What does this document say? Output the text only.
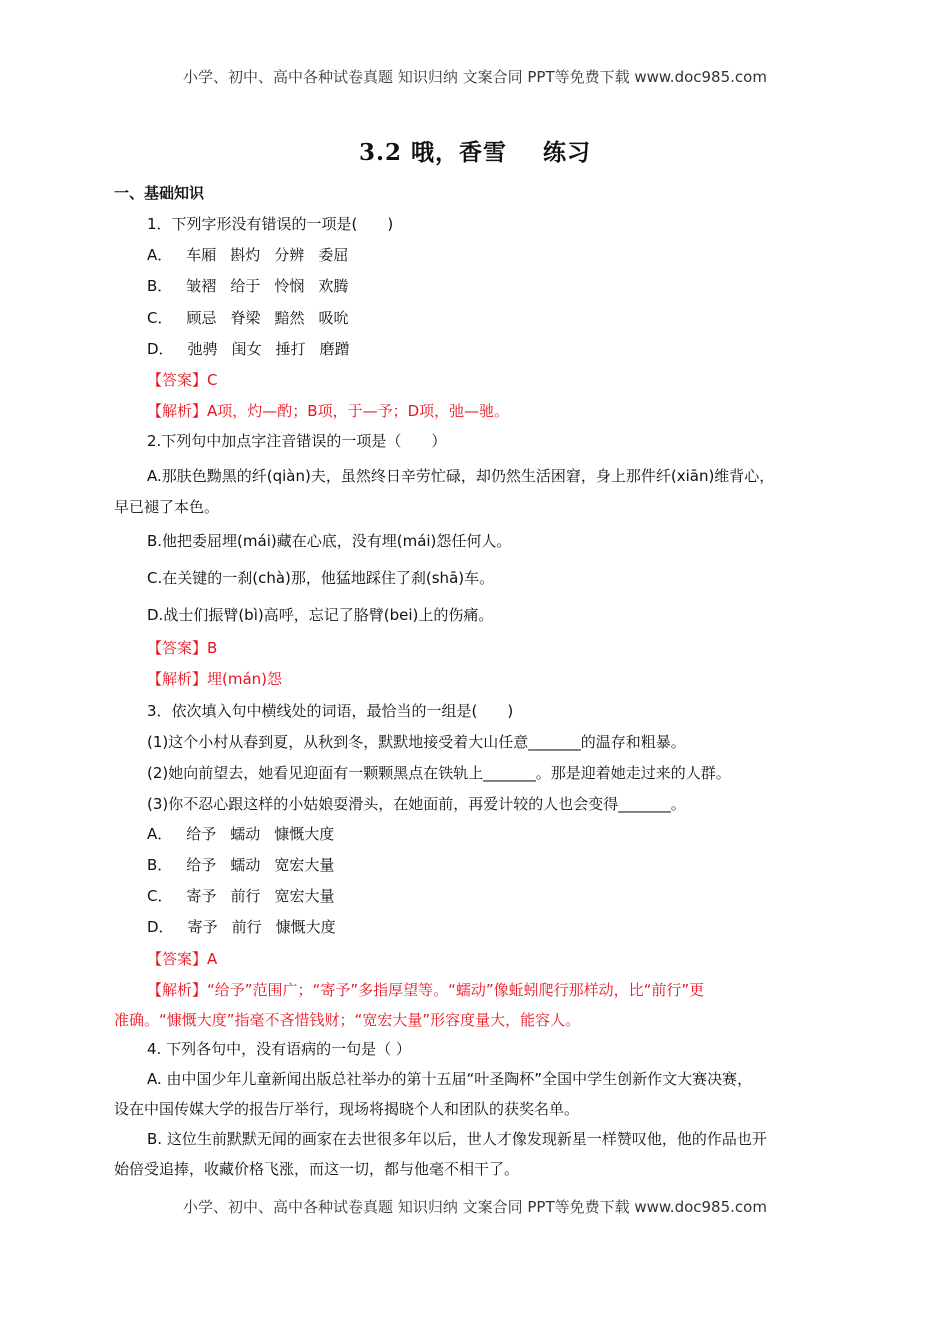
小学、初中、高中各种试卷真题 知识归纳 文案合同 PPT等免费下载 www.doc985.com
3.2 哦，香雪 练习
一、基础知识
1．下列字形没有错误的一项是(　　)
A． 车厢 斟灼 分辨 委屈
B． 皱褶 给于 怜悯 欢腾
C． 顾忌 脊梁 黯然 吸吮
D． 弛骋 闺女 捶打 磨蹭
【答案】C
【解析】A项，灼—酌；B项，于—予；D项，弛—驰。
2.下列句中加点字注音错误的一项是（　　）
A.那肤色黝黑的纤(qiàn)夫，虽然终日辛劳忙碌，却仍然生活困窘，身上那件纤(xiān)维背心，
早已褪了本色。
B.他把委屈埋(mái)藏在心底，没有埋(mái)怨任何人。
C.在关键的一刹(chà)那，他猛地踩住了刹(shā)车。
D.战士们振臂(bì)高呼，忘记了胳臂(bei)上的伤痛。
【答案】B
【解析】埋(mán)怨
3．依次填入句中横线处的词语，最恰当的一组是(　　)
(1)这个小村从春到夏，从秋到冬，默默地接受着大山任意_______的温存和粗暴。
(2)她向前望去，她看见迎面有一颗颗黑点在铁轨上_______。那是迎着她走过来的人群。
(3)你不忍心跟这样的小姑娘耍滑头，在她面前，再爱计较的人也会变得_______。
A． 给予 蠕动 慷慨大度
B． 给予 蠕动 宽宏大量
C． 寄予 前行 宽宏大量
D． 寄予 前行 慷慨大度
【答案】A
【解析】“给予”范围广；“寄予”多指厚望等。“蠕动”像蚯蚓爬行那样动，比“前行”更
准确。“慷慨大度”指毫不吝惜钱财；“宽宏大量”形容度量大，能容人。
4. 下列各句中，没有语病的一句是（ ）
A. 由中国少年儿童新闻出版总社举办的第十五届“叶圣陶杯”全国中学生创新作文大赛决赛，
设在中国传媒大学的报告厅举行，现场将揭晓个人和团队的获奖名单。
B. 这位生前默默无闻的画家在去世很多年以后，世人才像发现新星一样赞叹他，他的作品也开
始倍受追捧，收藏价格飞涨，而这一切，都与他毫不相干了。
小学、初中、高中各种试卷真题 知识归纳 文案合同 PPT等免费下载 www.doc985.com
